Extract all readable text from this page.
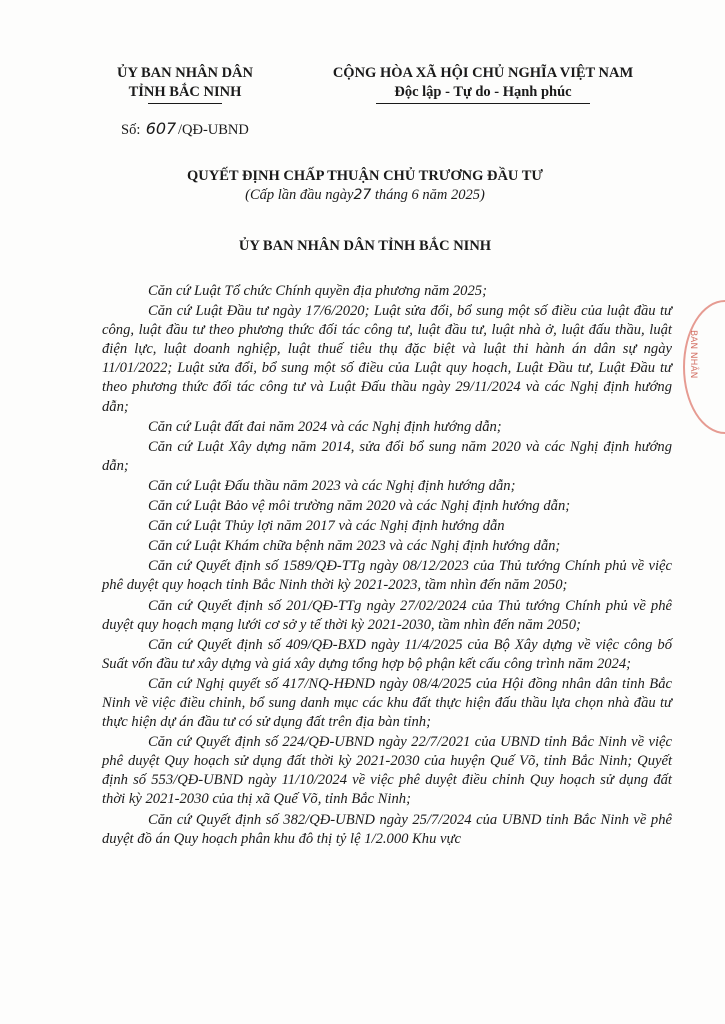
ỦY BAN NHÂN DÂN
TỈNH BẮC NINH
CỘNG HÒA XÃ HỘI CHỦ NGHĨA VIỆT NAM
Độc lập - Tự do - Hạnh phúc
Số: 607 /QĐ-UBND
QUYẾT ĐỊNH CHẤP THUẬN CHỦ TRƯƠNG ĐẦU TƯ
(Cấp lần đầu ngày27 tháng 6 năm 2025)
ỦY BAN NHÂN DÂN TỈNH BẮC NINH
BAN NHÂN

Căn cứ Luật Tổ chức Chính quyền địa phương năm 2025;

Căn cứ Luật Đầu tư ngày 17/6/2020; Luật sửa đổi, bổ sung một số điều của luật đầu tư công, luật đầu tư theo phương thức đối tác công tư, luật đầu tư, luật nhà ở, luật đấu thầu, luật điện lực, luật doanh nghiệp, luật thuế tiêu thụ đặc biệt và luật thi hành án dân sự ngày 11/01/2022; Luật sửa đổi, bổ sung một số điều của Luật quy hoạch, Luật Đầu tư, Luật Đầu tư theo phương thức đối tác công tư và Luật Đấu thầu ngày 29/11/2024 và các Nghị định hướng dẫn;

Căn cứ Luật đất đai năm 2024 và các Nghị định hướng dẫn;

Căn cứ Luật Xây dựng năm 2014, sửa đổi bổ sung năm 2020 và các Nghị định hướng dẫn;

Căn cứ Luật Đấu thầu năm 2023 và các Nghị định hướng dẫn;

Căn cứ Luật Bảo vệ môi trường năm 2020 và các Nghị định hướng dẫn;

Căn cứ Luật Thủy lợi năm 2017 và các Nghị định hướng dẫn

Căn cứ Luật Khám chữa bệnh năm 2023 và các Nghị định hướng dẫn;

Căn cứ Quyết định số 1589/QĐ-TTg ngày 08/12/2023 của Thủ tướng Chính phủ về việc phê duyệt quy hoạch tỉnh Bắc Ninh thời kỳ 2021-2023, tầm nhìn đến năm 2050;

Căn cứ Quyết định số 201/QĐ-TTg ngày 27/02/2024 của Thủ tướng Chính phủ về phê duyệt quy hoạch mạng lưới cơ sở y tế thời kỳ 2021-2030, tầm nhìn đến năm 2050;

Căn cứ Quyết định số 409/QĐ-BXD ngày 11/4/2025 của Bộ Xây dựng về việc công bố Suất vốn đầu tư xây dựng và giá xây dựng tổng hợp bộ phận kết cấu công trình năm 2024;

Căn cứ Nghị quyết số 417/NQ-HĐND ngày 08/4/2025 của Hội đồng nhân dân tỉnh Bắc Ninh về việc điều chỉnh, bổ sung danh mục các khu đất thực hiện đấu thầu lựa chọn nhà đầu tư thực hiện dự án đầu tư có sử dụng đất trên địa bàn tỉnh;

Căn cứ Quyết định số 224/QĐ-UBND ngày 22/7/2021 của UBND tỉnh Bắc Ninh về việc phê duyệt Quy hoạch sử dụng đất thời kỳ 2021-2030 của huyện Quế Võ, tỉnh Bắc Ninh; Quyết định số 553/QĐ-UBND ngày 11/10/2024 về việc phê duyệt điều chỉnh Quy hoạch sử dụng đất thời kỳ 2021-2030 của thị xã Quế Võ, tỉnh Bắc Ninh;

Căn cứ Quyết định số 382/QĐ-UBND ngày 25/7/2024 của UBND tỉnh Bắc Ninh về phê duyệt đồ án Quy hoạch phân khu đô thị tỷ lệ 1/2.000 Khu vực
